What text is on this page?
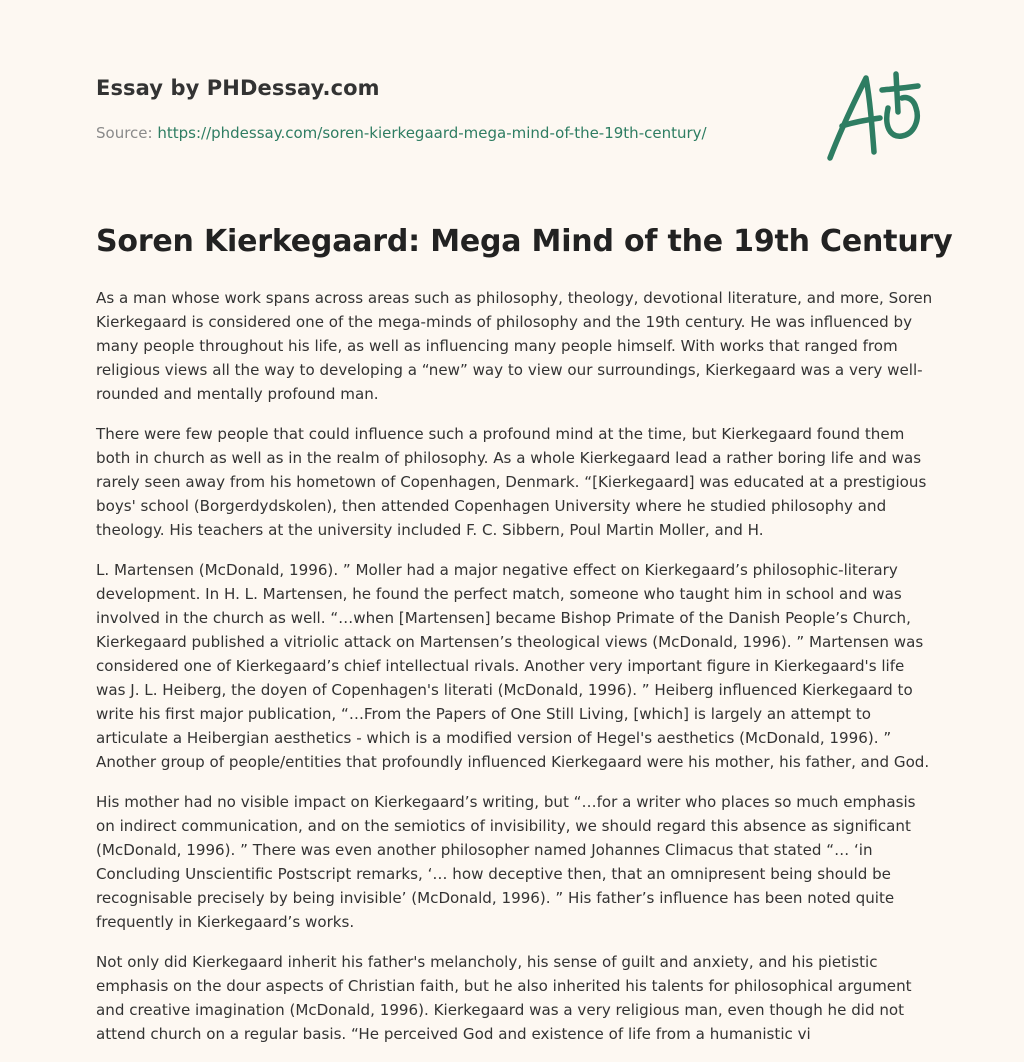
Essay by PHDessay.com
Source: https://phdessay.com/soren-kierkegaard-mega-mind-of-the-19th-century/
Soren Kierkegaard: Mega Mind of the 19th Century

As a man whose work spans across areas such as philosophy, theology, devotional literature, and more, Soren Kierkegaard is considered one of the mega-minds of philosophy and the 19th century. He was influenced by many people throughout his life, as well as influencing many people himself. With works that ranged from religious views all the way to developing a “new” way to view our surroundings, Kierkegaard was a very well-rounded and mentally profound man.

There were few people that could influence such a profound mind at the time, but Kierkegaard found them both in church as well as in the realm of philosophy. As a whole Kierkegaard lead a rather boring life and was rarely seen away from his hometown of Copenhagen, Denmark. “[Kierkegaard] was educated at a prestigious boys' school (Borgerdydskolen), then attended Copenhagen University where he studied philosophy and theology. His teachers at the university included F. C. Sibbern, Poul Martin Moller, and H.

L. Martensen (McDonald, 1996). ” Moller had a major negative effect on Kierkegaard’s philosophic-literary development. In H. L. Martensen, he found the perfect match, someone who taught him in school and was involved in the church as well. “…when [Martensen] became Bishop Primate of the Danish People’s Church, Kierkegaard published a vitriolic attack on Martensen’s theological views (McDonald, 1996). ” Martensen was considered one of Kierkegaard’s chief intellectual rivals. Another very important figure in Kierkegaard's life was J. L. Heiberg, the doyen of Copenhagen's literati (McDonald, 1996). ” Heiberg influenced Kierkegaard to write his first major publication, “…From the Papers of One Still Living, [which] is largely an attempt to articulate a Heibergian aesthetics - which is a modified version of Hegel's aesthetics (McDonald, 1996). ” Another group of people/entities that profoundly influenced Kierkegaard were his mother, his father, and God.

His mother had no visible impact on Kierkegaard’s writing, but “…for a writer who places so much emphasis on indirect communication, and on the semiotics of invisibility, we should regard this absence as significant (McDonald, 1996). ” There was even another philosopher named Johannes Climacus that stated “… ‘in Concluding Unscientific Postscript remarks, ‘… how deceptive then, that an omnipresent being should be recognisable precisely by being invisible’ (McDonald, 1996). ” His father’s influence has been noted quite frequently in Kierkegaard’s works.

Not only did Kierkegaard inherit his father's melancholy, his sense of guilt and anxiety, and his pietistic emphasis on the dour aspects of Christian faith, but he also inherited his talents for philosophical argument and creative imagination (McDonald, 1996). Kierkegaard was a very religious man, even though he did not attend church on a regular basis. “He perceived God and existence of life from a humanistic vi
